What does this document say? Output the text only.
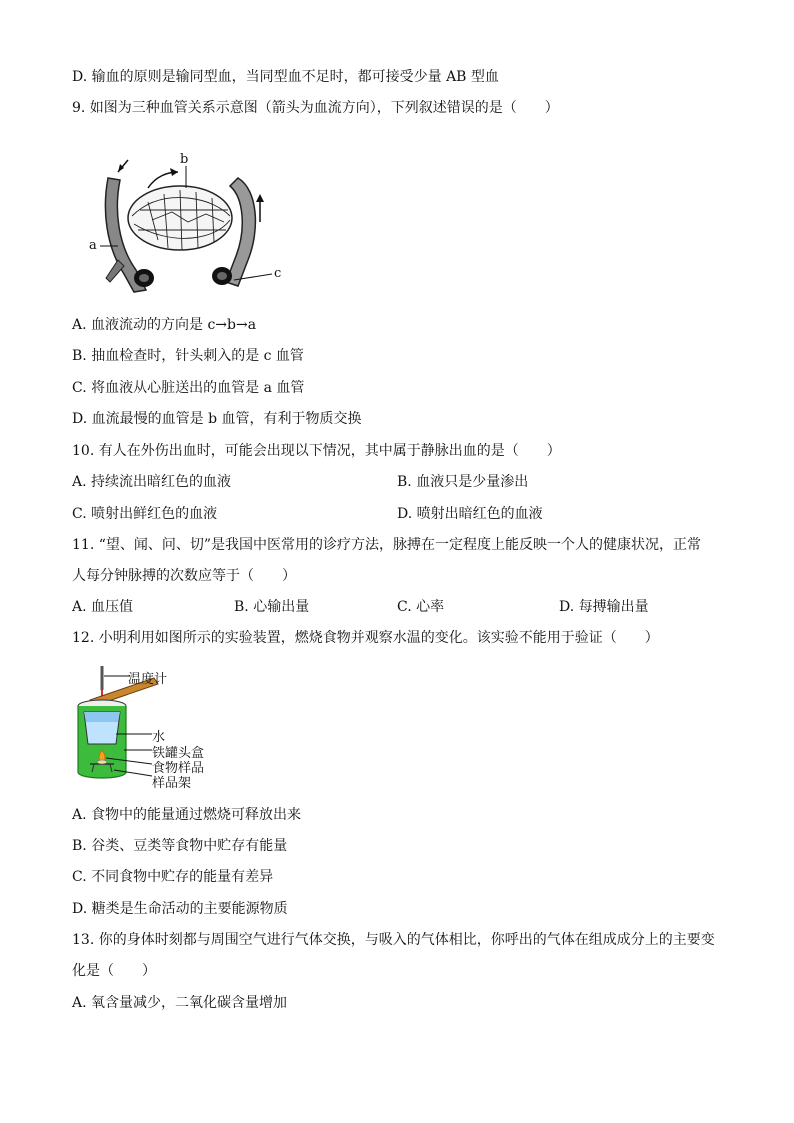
D. 输血的原则是输同型血，当同型血不足时，都可接受少量 AB 型血
9. 如图为三种血管关系示意图（箭头为血流方向），下列叙述错误的是（　　）
b
a
c
A. 血液流动的方向是 c→b→a
B. 抽血检查时，针头刺入的是 c 血管
C. 将血液从心脏送出的血管是 a 血管
D. 血流最慢的血管是 b 血管，有利于物质交换
10. 有人在外伤出血时，可能会出现以下情况，其中属于静脉出血的是（　　）
A. 持续流出暗红色的血液	B. 血液只是少量渗出
C. 喷射出鲜红色的血液	D. 喷射出暗红色的血液
11. “望、闻、问、切”是我国中医常用的诊疗方法，脉搏在一定程度上能反映一个人的健康状况，正常
人每分钟脉搏的次数应等于（　　）
A. 血压值	B. 心输出量	C. 心率	D. 每搏输出量
12. 小明利用如图所示的实验装置，燃烧食物并观察水温的变化。该实验不能用于验证（　　）
温度计
水
铁罐头盒
食物样品
样品架
A. 食物中的能量通过燃烧可释放出来
B. 谷类、豆类等食物中贮存有能量
C. 不同食物中贮存的能量有差异
D. 糖类是生命活动的主要能源物质
13. 你的身体时刻都与周围空气进行气体交换，与吸入的气体相比，你呼出的气体在组成成分上的主要变
化是（　　）
A. 氧含量减少，二氧化碳含量增加
